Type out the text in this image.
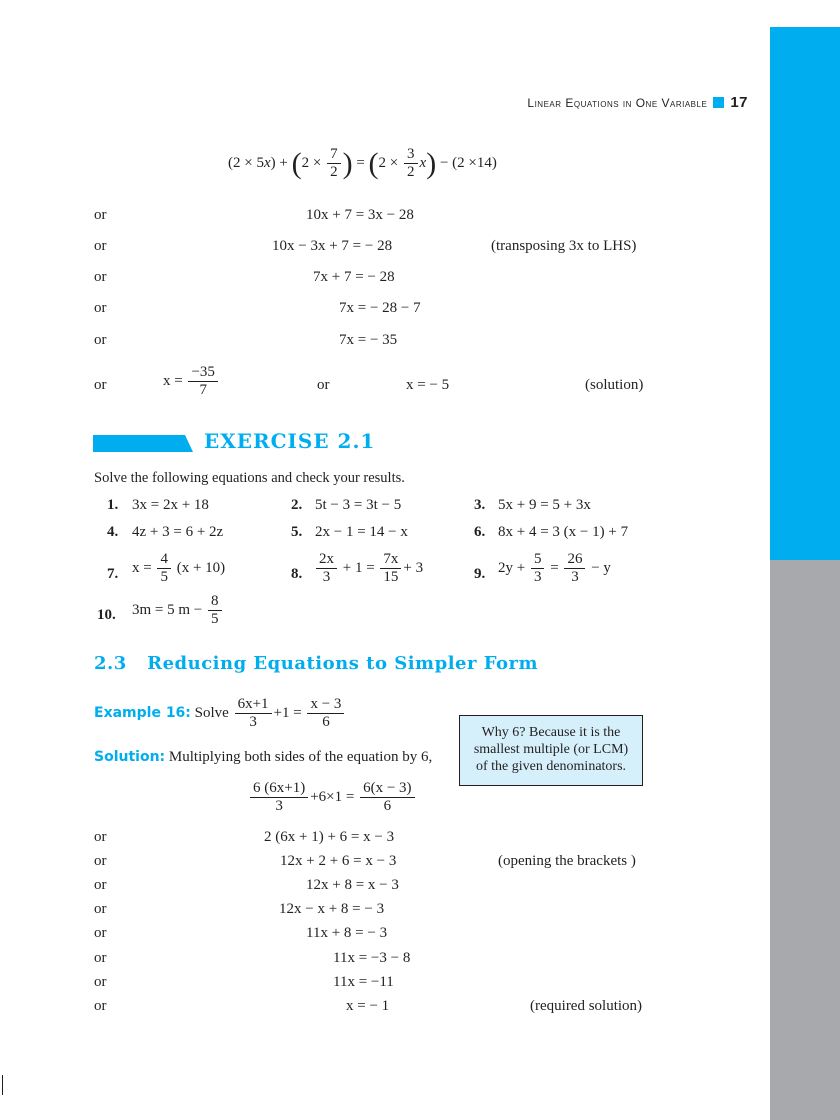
Linear Equations in One Variable 17
$(2 \times 5x) + (2 \times \frac{7}{2}$ ) = $(2 \times \frac{3}{2} x) - (2 \times 14)$
or	10x + 7 = 3x − 28
or	10x − 3x + 7 = − 28	(transposing 3x to LHS)
or	7x + 7 = − 28
or	7x = − 28 − 7
or	7x = − 35
or	$x = \frac{-35}{7}$	or	x = − 5	(solution)
EXERCISE 2.1
Solve the following equations and check your results.
1. 3x = 2x + 18	2. 5t − 3 = 3t − 5	3. 5x + 9 = 5 + 3x
4. 4z + 3 = 6 + 2z	5. 2x − 1 = 14 − x	6. 8x + 4 = 3 (x − 1) + 7
7. $x = \frac{4}{5} (x + 10)$	8. $\frac{2x}{3} + 1 = \frac{7x}{15} + 3$	9. $2y + \frac{5}{3} = \frac{26}{3} - y$
10. 3m = 5 $m - \frac{8}{5}$
2.3   Reducing Equations to Simpler Form
Example 16: Solve $\frac{6x+1}{3} +1 = \frac{x - 3}{6}$
Solution: Multiplying both sides of the equation by 6,
Why 6? Because it is the
smallest multiple (or LCM)
of the given denominators.
$\frac{6 (6x+1)}{3} +6\times 1 = \frac{6(x - 3)}{6}$
or	2 (6x + 1) + 6 = x − 3
or	12x + 2 + 6 = x − 3	(opening the brackets )
or	12x + 8 = x − 3
or	12x − x + 8 = − 3
or	11x + 8 = − 3
or	11x = −3 − 8
or	11x = −11
or	x = − 1	(required solution)
